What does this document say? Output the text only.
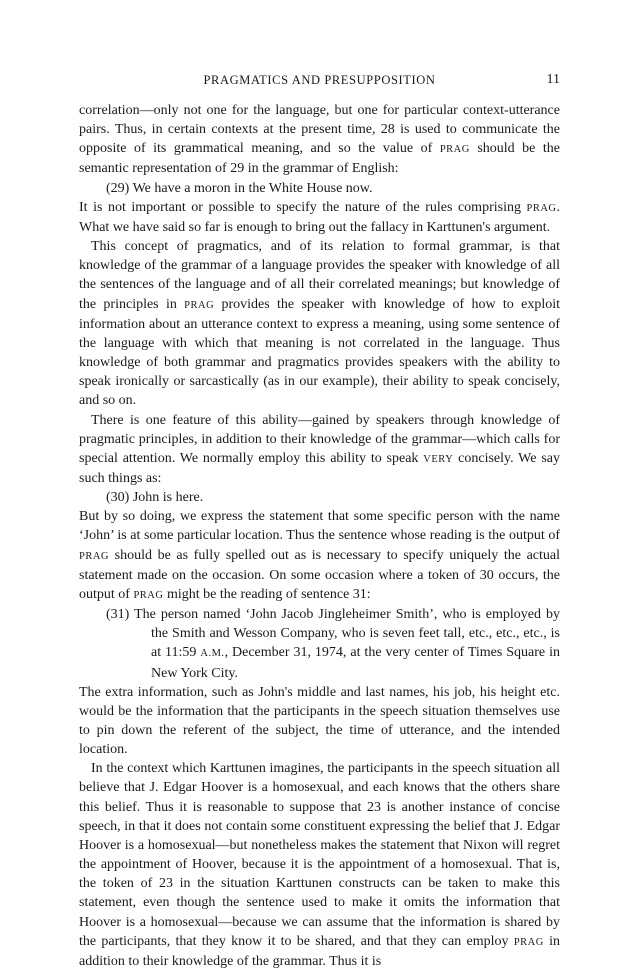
PRAGMATICS AND PRESUPPOSITION	11

correlation—only not one for the language, but one for particular context-utterance pairs. Thus, in certain contexts at the present time, 28 is used to communicate the opposite of its grammatical meaning, and so the value of PRAG should be the semantic representation of 29 in the grammar of English:

(29) We have a moron in the White House now.

It is not important or possible to specify the nature of the rules comprising PRAG. What we have said so far is enough to bring out the fallacy in Karttunen's argument.

This concept of pragmatics, and of its relation to formal grammar, is that knowledge of the grammar of a language provides the speaker with knowledge of all the sentences of the language and of all their correlated meanings; but knowledge of the principles in PRAG provides the speaker with knowledge of how to exploit information about an utterance context to express a meaning, using some sentence of the language with which that meaning is not correlated in the language. Thus knowledge of both grammar and pragmatics provides speakers with the ability to speak ironically or sarcastically (as in our example), their ability to speak concisely, and so on.

There is one feature of this ability—gained by speakers through knowledge of pragmatic principles, in addition to their knowledge of the grammar—which calls for special attention. We normally employ this ability to speak VERY concisely. We say such things as:

(30) John is here.

But by so doing, we express the statement that some specific person with the name ‘John’ is at some particular location. Thus the sentence whose reading is the output of PRAG should be as fully spelled out as is necessary to specify uniquely the actual statement made on the occasion. On some occasion where a token of 30 occurs, the output of PRAG might be the reading of sentence 31:

(31) The person named ‘John Jacob Jingleheimer Smith’, who is employed by the Smith and Wesson Company, who is seven feet tall, etc., etc., etc., is at 11:59 A.M., December 31, 1974, at the very center of Times Square in New York City.

The extra information, such as John's middle and last names, his job, his height etc. would be the information that the participants in the speech situation themselves use to pin down the referent of the subject, the time of utterance, and the intended location.

In the context which Karttunen imagines, the participants in the speech situation all believe that J. Edgar Hoover is a homosexual, and each knows that the others share this belief. Thus it is reasonable to suppose that 23 is another instance of concise speech, in that it does not contain some constituent expressing the belief that J. Edgar Hoover is a homosexual—but nonetheless makes the statement that Nixon will regret the appointment of Hoover, because it is the appointment of a homosexual. That is, the token of 23 in the situation Karttunen constructs can be taken to make this statement, even though the sentence used to make it omits the information that Hoover is a homosexual—because we can assume that the information is shared by the participants, that they know it to be shared, and that they can employ PRAG in addition to their knowledge of the grammar. Thus it is
